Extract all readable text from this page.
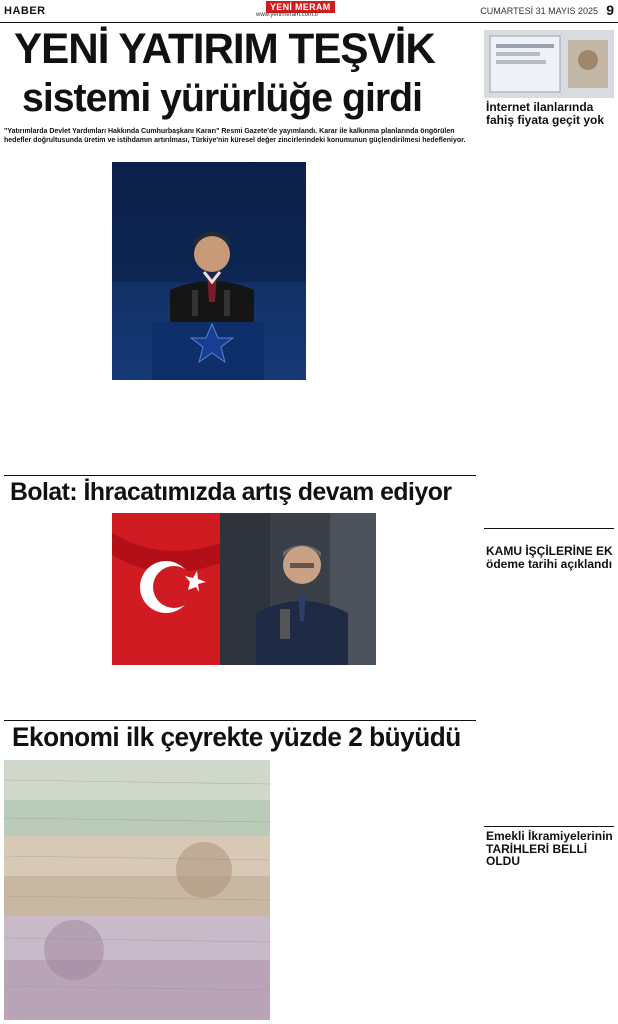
HABER	YENİ MERAM
www.yenimeram.com.tr	CUMARTESİ 31 MAYIS 2025 9
YENİ YATIRIM TEŞVİK
sistemi yürürlüğe girdi
"Yatırımlarda Devlet Yardımları Hakkında Cumhurbaşkanı Kararı" Resmi Gazete'de yayımlandı. Karar ile kalkınma planlarında öngörülen hedefler doğrultusunda üretim ve istihdamın artırılması, Türkiye'nin küresel değer zincirlerindeki konumunun güçlendirilmesi hedefleniyor.
Bolat: İhracatımızda artış devam ediyor
Ekonomi ilk çeyrekte yüzde 2 büyüdü
İnternet ilanlarında fahiş fiyata geçit yok
KAMU İŞÇİLERİNE EK ödeme tarihi açıklandı
Emekli İkramiyelerinin TARİHLERİ BELLİ OLDU
